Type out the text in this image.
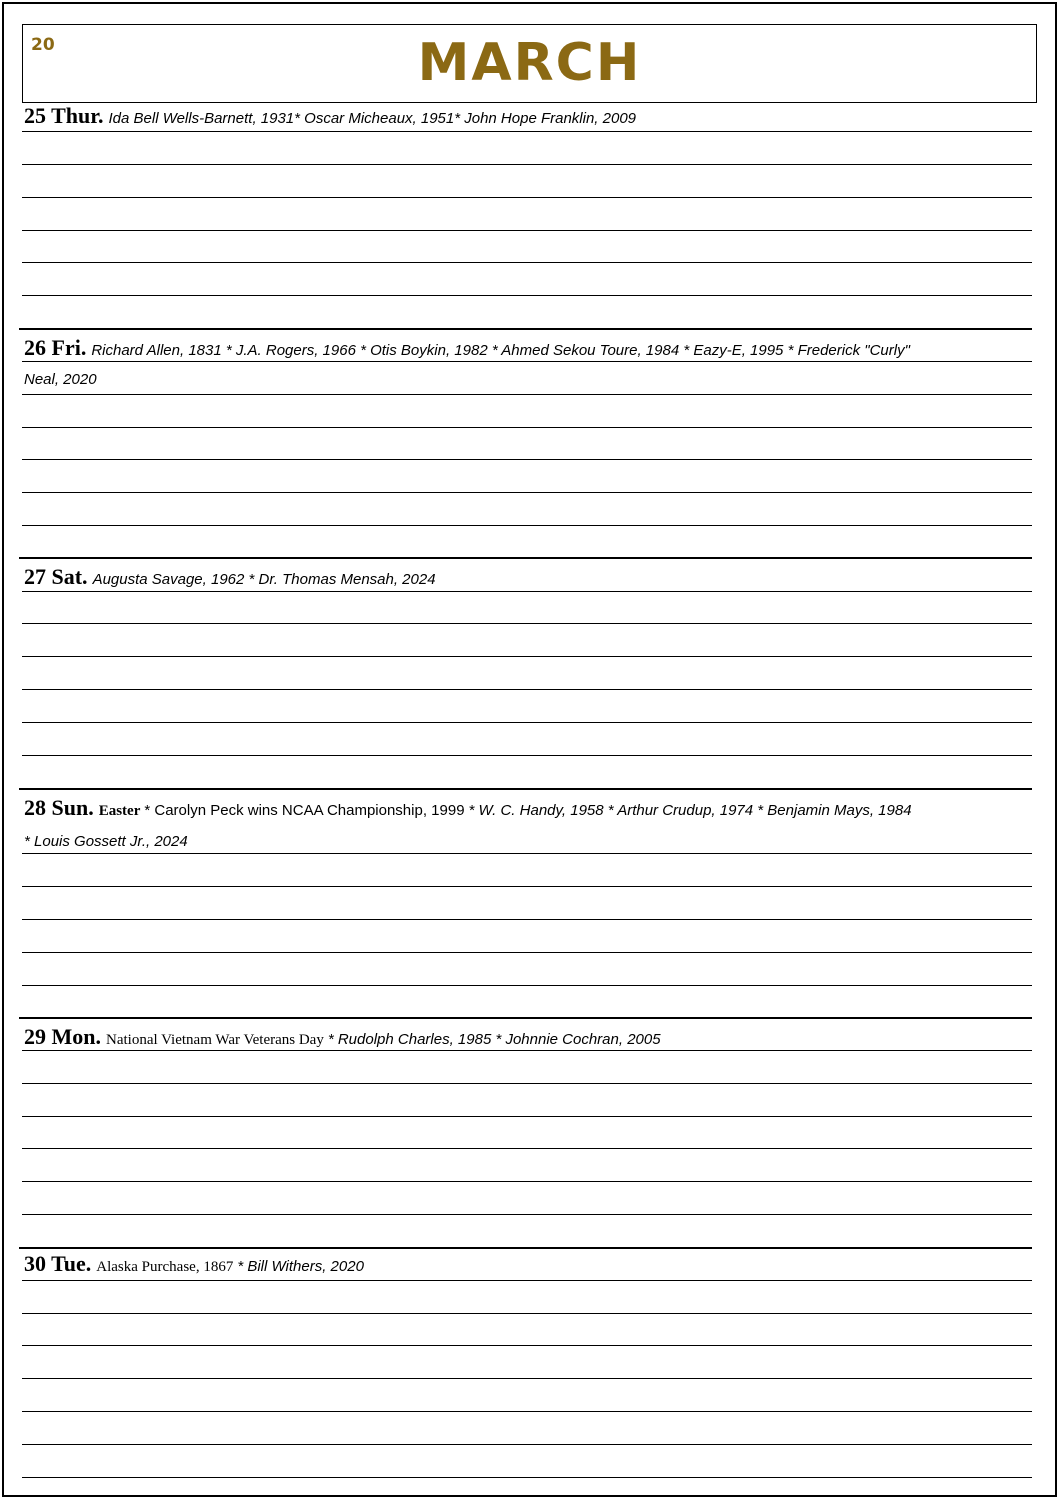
20	MARCH
25 Thur. Ida Bell Wells-Barnett, 1931* Oscar Micheaux, 1951* John Hope Franklin, 2009
26 Fri. Richard Allen, 1831 * J.A. Rogers, 1966 * Otis Boykin, 1982 * Ahmed Sekou Toure, 1984 * Eazy-E, 1995 * Frederick "Curly"
Neal, 2020
27 Sat. Augusta Savage, 1962 * Dr. Thomas Mensah, 2024
28 Sun. Easter * Carolyn Peck wins NCAA Championship, 1999 * W. C. Handy, 1958 * Arthur Crudup, 1974 * Benjamin Mays, 1984
* Louis Gossett Jr., 2024
29 Mon. National Vietnam War Veterans Day * Rudolph Charles, 1985 * Johnnie Cochran, 2005
30 Tue. Alaska Purchase, 1867 * Bill Withers, 2020
